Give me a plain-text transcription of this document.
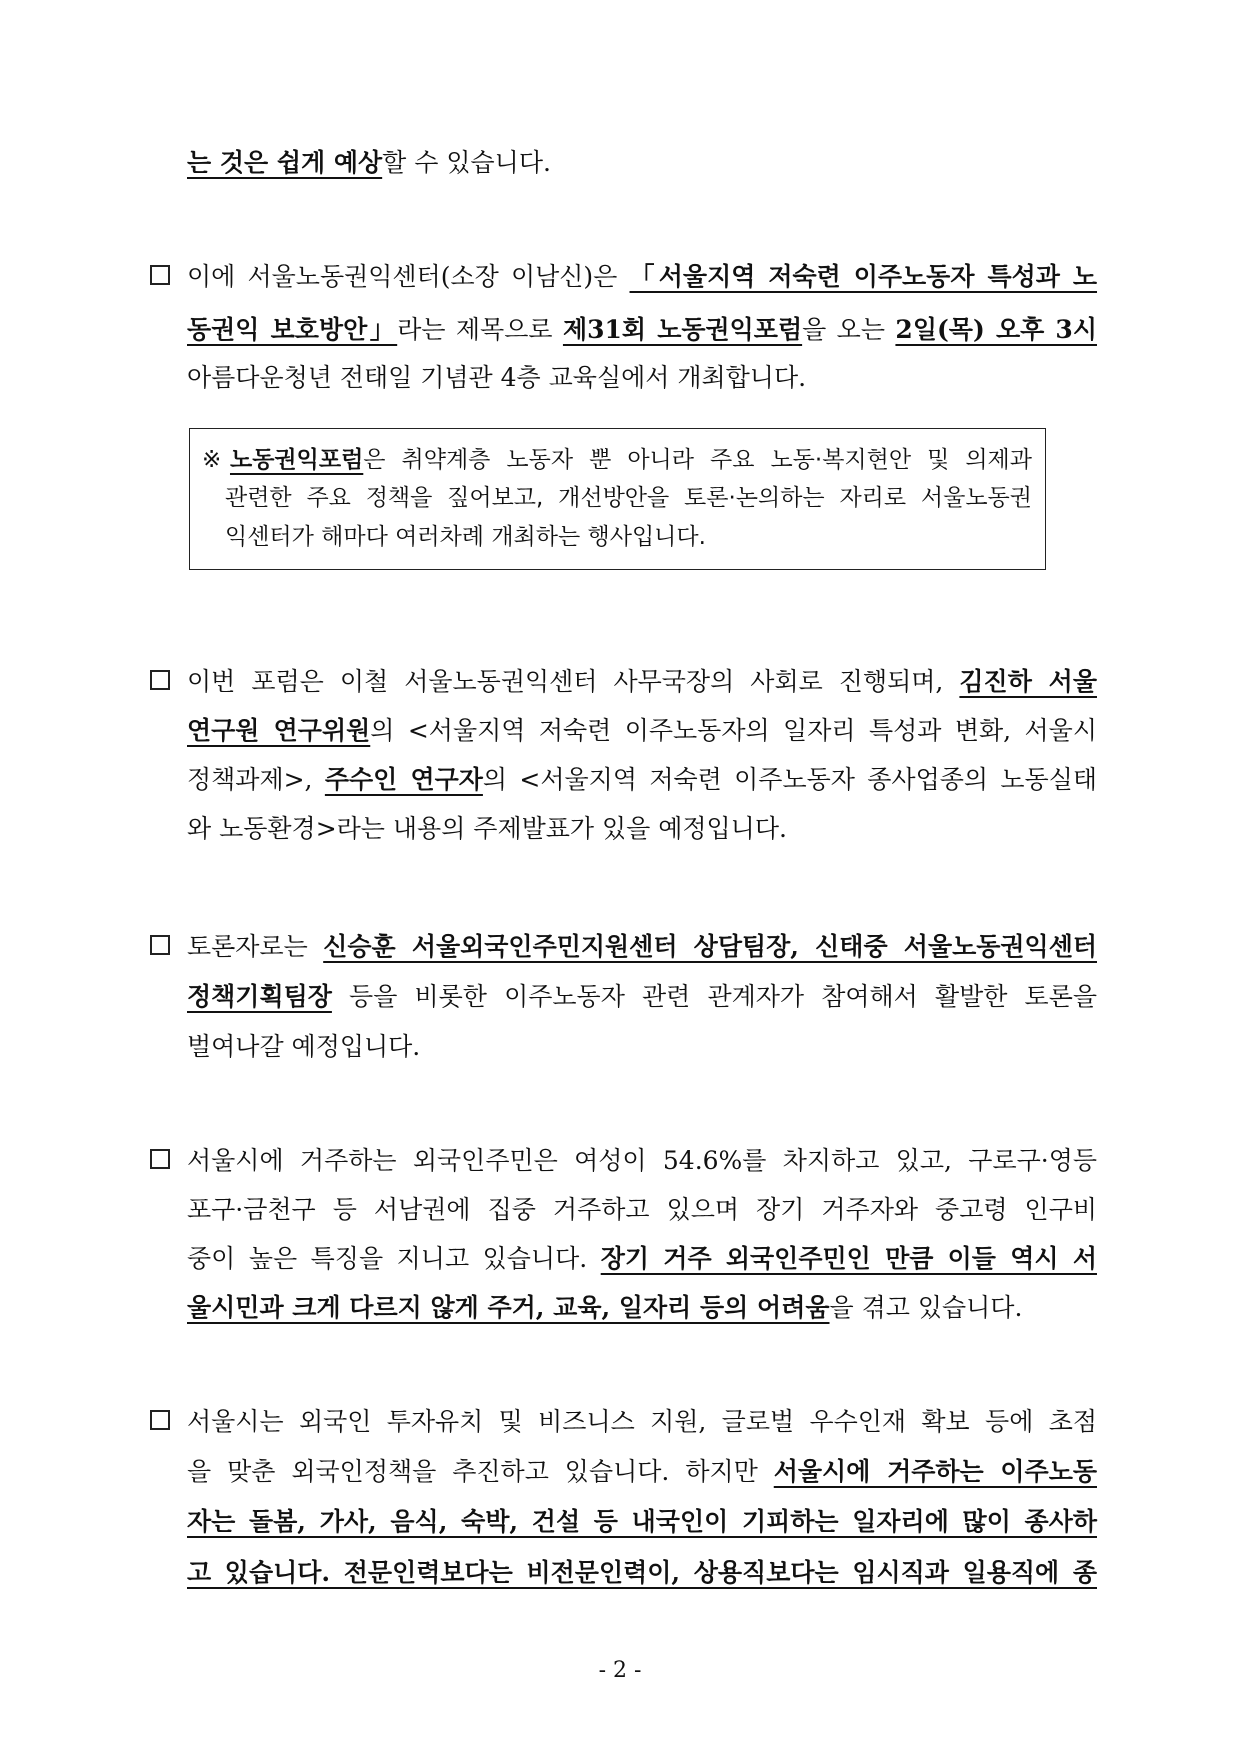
는 것은 쉽게 예상할 수 있습니다.
이에 서울노동권익센터(소장 이남신)은 「서울지역 저숙련 이주노동자 특성과 노
동권익 보호방안」라는 제목으로 제31회 노동권익포럼을 오는 2일(목) 오후 3시
아름다운청년 전태일 기념관 4층 교육실에서 개최합니다.
※노동권익포럼은 취약계층 노동자 뿐 아니라 주요 노동·복지현안 및 의제과
관련한 주요 정책을 짚어보고, 개선방안을 토론·논의하는 자리로 서울노동권
익센터가 해마다 여러차례 개최하는 행사입니다.
이번 포럼은 이철 서울노동권익센터 사무국장의 사회로 진행되며, 김진하 서울
연구원 연구위원의 <서울지역 저숙련 이주노동자의 일자리 특성과 변화, 서울시
정책과제>, 주수인 연구자의 <서울지역 저숙련 이주노동자 종사업종의 노동실태
와 노동환경>라는 내용의 주제발표가 있을 예정입니다.
토론자로는 신승훈 서울외국인주민지원센터 상담팀장, 신태중 서울노동권익센터
정책기획팀장 등을 비롯한 이주노동자 관련 관계자가 참여해서 활발한 토론을
벌여나갈 예정입니다.
서울시에 거주하는 외국인주민은 여성이 54.6%를 차지하고 있고, 구로구·영등
포구·금천구 등 서남권에 집중 거주하고 있으며 장기 거주자와 중고령 인구비
중이 높은 특징을 지니고 있습니다. 장기 거주 외국인주민인 만큼 이들 역시 서
울시민과 크게 다르지 않게 주거, 교육, 일자리 등의 어려움을 겪고 있습니다.
서울시는 외국인 투자유치 및 비즈니스 지원, 글로벌 우수인재 확보 등에 초점
을 맞춘 외국인정책을 추진하고 있습니다. 하지만 서울시에 거주하는 이주노동
자는 돌봄, 가사, 음식, 숙박, 건설 등 내국인이 기피하는 일자리에 많이 종사하
고 있습니다. 전문인력보다는 비전문인력이, 상용직보다는 임시직과 일용직에 종
- 2 -
